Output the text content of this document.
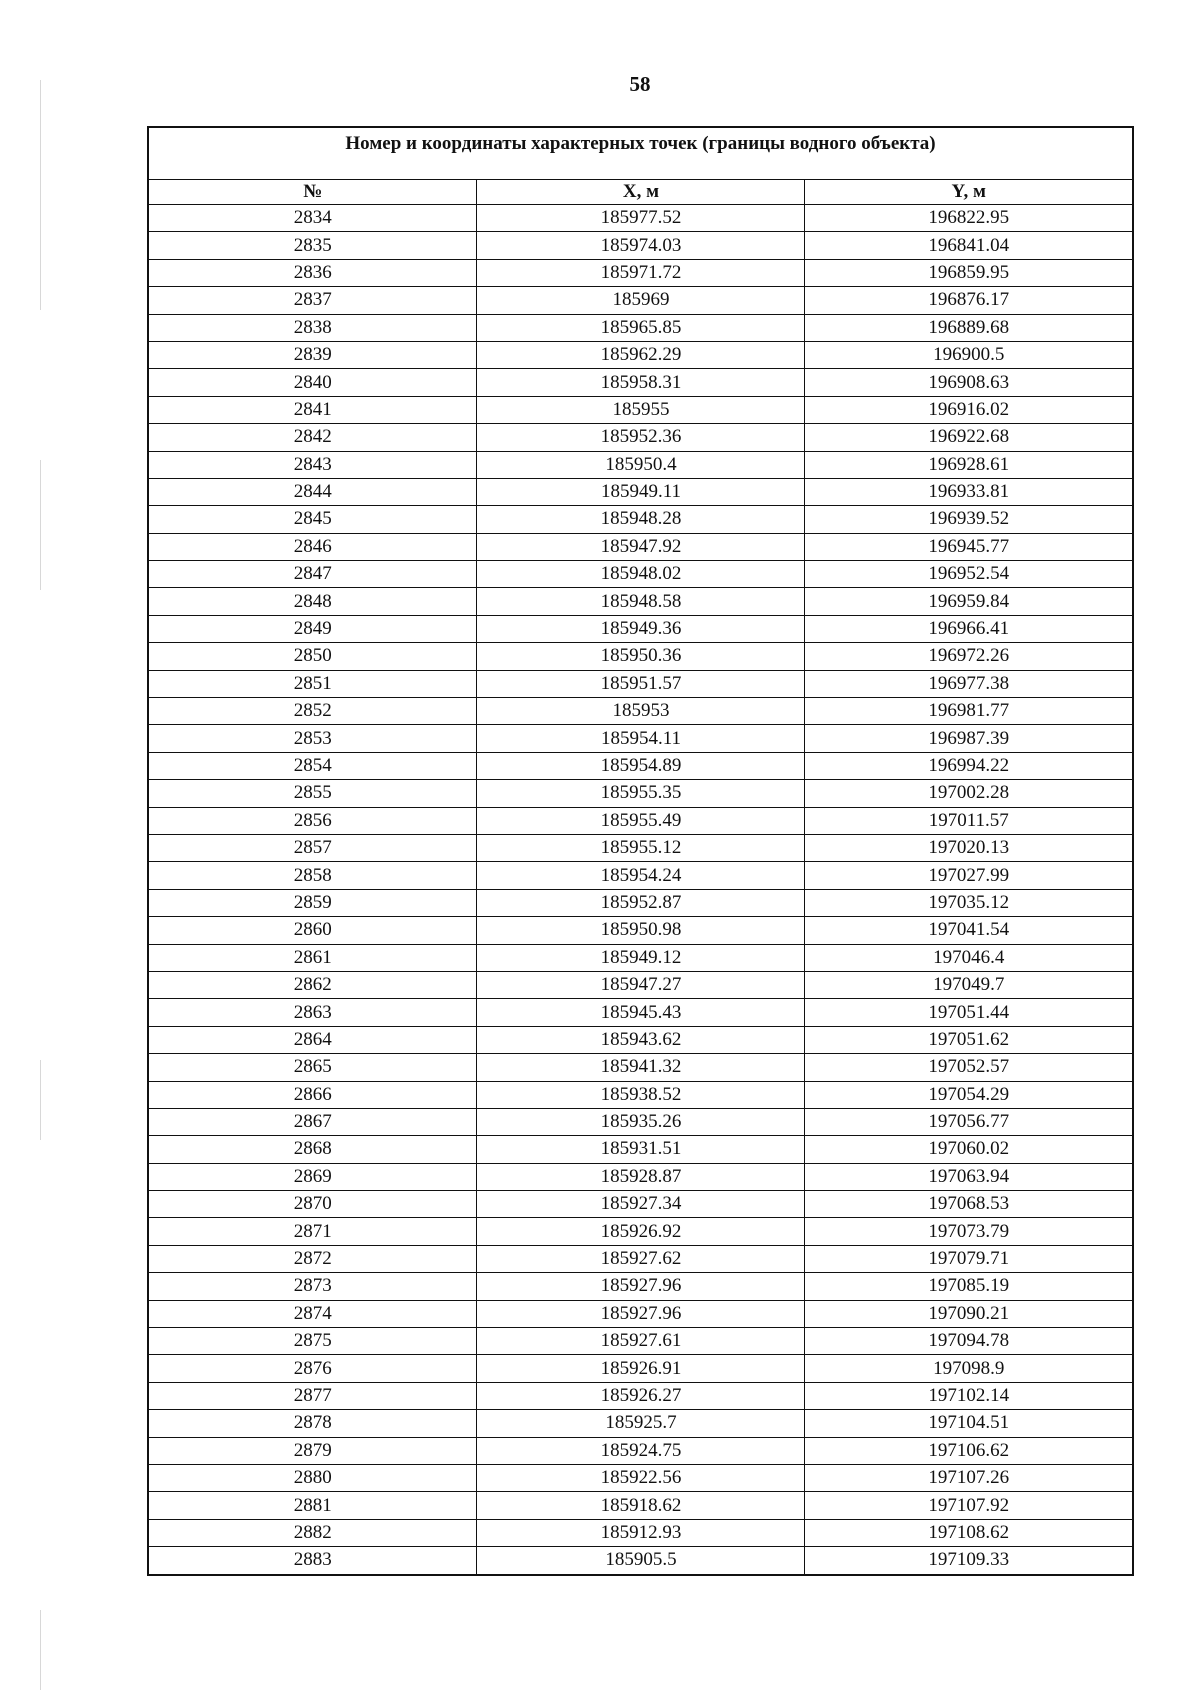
58
Номер и координаты характерных точек (границы водного объекта)		
№	X, м	Y, м
2834	185977.52	196822.95
2835	185974.03	196841.04
2836	185971.72	196859.95
2837	185969	196876.17
2838	185965.85	196889.68
2839	185962.29	196900.5
2840	185958.31	196908.63
2841	185955	196916.02
2842	185952.36	196922.68
2843	185950.4	196928.61
2844	185949.11	196933.81
2845	185948.28	196939.52
2846	185947.92	196945.77
2847	185948.02	196952.54
2848	185948.58	196959.84
2849	185949.36	196966.41
2850	185950.36	196972.26
2851	185951.57	196977.38
2852	185953	196981.77
2853	185954.11	196987.39
2854	185954.89	196994.22
2855	185955.35	197002.28
2856	185955.49	197011.57
2857	185955.12	197020.13
2858	185954.24	197027.99
2859	185952.87	197035.12
2860	185950.98	197041.54
2861	185949.12	197046.4
2862	185947.27	197049.7
2863	185945.43	197051.44
2864	185943.62	197051.62
2865	185941.32	197052.57
2866	185938.52	197054.29
2867	185935.26	197056.77
2868	185931.51	197060.02
2869	185928.87	197063.94
2870	185927.34	197068.53
2871	185926.92	197073.79
2872	185927.62	197079.71
2873	185927.96	197085.19
2874	185927.96	197090.21
2875	185927.61	197094.78
2876	185926.91	197098.9
2877	185926.27	197102.14
2878	185925.7	197104.51
2879	185924.75	197106.62
2880	185922.56	197107.26
2881	185918.62	197107.92
2882	185912.93	197108.62
2883	185905.5	197109.33
